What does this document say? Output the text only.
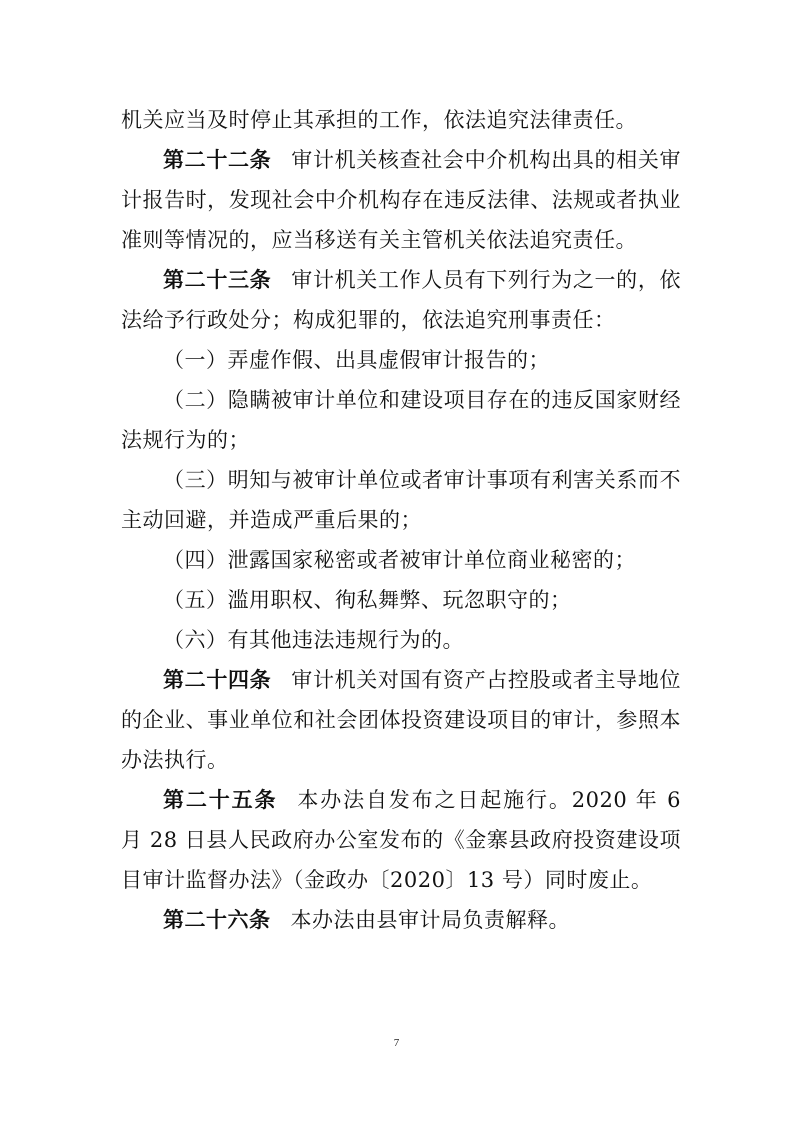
机关应当及时停止其承担的工作，依法追究法律责任。

第二十二条 审计机关核查社会中介机构出具的相关审计报告时，发现社会中介机构存在违反法律、法规或者执业准则等情况的，应当移送有关主管机关依法追究责任。

第二十三条 审计机关工作人员有下列行为之一的，依法给予行政处分；构成犯罪的，依法追究刑事责任：

（一）弄虚作假、出具虚假审计报告的；

（二）隐瞒被审计单位和建设项目存在的违反国家财经法规行为的；

（三）明知与被审计单位或者审计事项有利害关系而不主动回避，并造成严重后果的；

（四）泄露国家秘密或者被审计单位商业秘密的；

（五）滥用职权、徇私舞弊、玩忽职守的；

（六）有其他违法违规行为的。

第二十四条 审计机关对国有资产占控股或者主导地位的企业、事业单位和社会团体投资建设项目的审计，参照本办法执行。

第二十五条 本办法自发布之日起施行。2020 年 6 月 28 日县人民政府办公室发布的《金寨县政府投资建设项目审计监督办法》（金政办〔2020〕13 号）同时废止。

第二十六条 本办法由县审计局负责解释。

7
